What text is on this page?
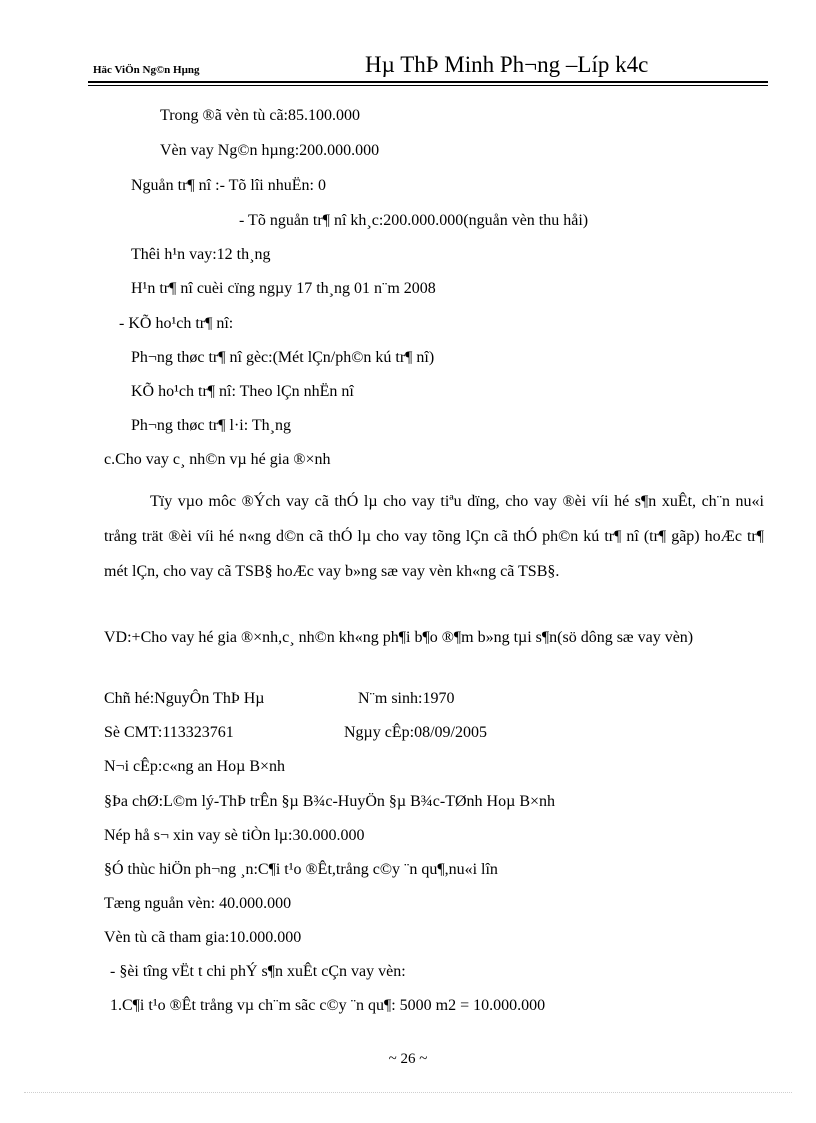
Häc ViÖn Ng©n Hµng	Hµ ThÞ Minh Ph¬ng –Líp k4c
Trong ®ã vèn tù cã:85.100.000
Vèn vay Ng©n hµng:200.000.000
Nguån tr¶ nî :- Tõ lîi nhuËn: 0
- Tõ nguån tr¶ nî kh¸c:200.000.000(nguån vèn thu håi)
Thêi h¹n vay:12 th¸ng
H¹n tr¶ nî cuèi cïng ngµy 17 th¸ng 01 n¨m 2008
- KÕ ho¹ch tr¶ nî:
Ph¬ng thøc tr¶ nî gèc:(Mét lÇn/ph©n kú tr¶ nî)
KÕ ho¹ch tr¶ nî: Theo lÇn nhËn nî
Ph¬ng thøc tr¶ l·i: Th¸ng
c.Cho vay c¸ nh©n vµ hé gia ®×nh
Tïy vµo môc ®Ých vay cã thÓ lµ cho vay tiªu dïng, cho vay ®èi víi hé s¶n xuÊt, ch¨n nu«i trång trät ®èi víi hé n«ng d©n cã thÓ lµ cho vay tõng lÇn cã thÓ ph©n kú tr¶ nî (tr¶ gãp) hoÆc tr¶ mét lÇn, cho vay cã TSB§ hoÆc vay b»ng sæ vay vèn kh«ng cã TSB§.
VD:+Cho vay hé gia ®×nh,c¸ nh©n kh«ng ph¶i b¶o ®¶m b»ng tµi s¶n(sö dông sæ vay vèn)
Chñ hé:NguyÔn ThÞ Hµ	N¨m sinh:1970
Sè CMT:113323761	Ngµy cÊp:08/09/2005
N¬i cÊp:c«ng an Hoµ B×nh
§Þa chØ:L©m lý-ThÞ trÊn §µ B¾c-HuyÖn §µ B¾c-TØnh Hoµ B×nh
Nép hå s¬ xin vay sè tiÒn lµ:30.000.000
§Ó thùc hiÖn ph¬ng ¸n:C¶i t¹o ®Êt,trång c©y ¨n qu¶,nu«i lîn
Tæng nguån vèn: 40.000.000
Vèn tù cã tham gia:10.000.000
- §èi tîng vËt t chi phÝ s¶n xuÊt cÇn vay vèn:
1.C¶i t¹o ®Êt trång vµ ch¨m sãc c©y ¨n qu¶: 5000 m2 = 10.000.000
~ 26 ~
